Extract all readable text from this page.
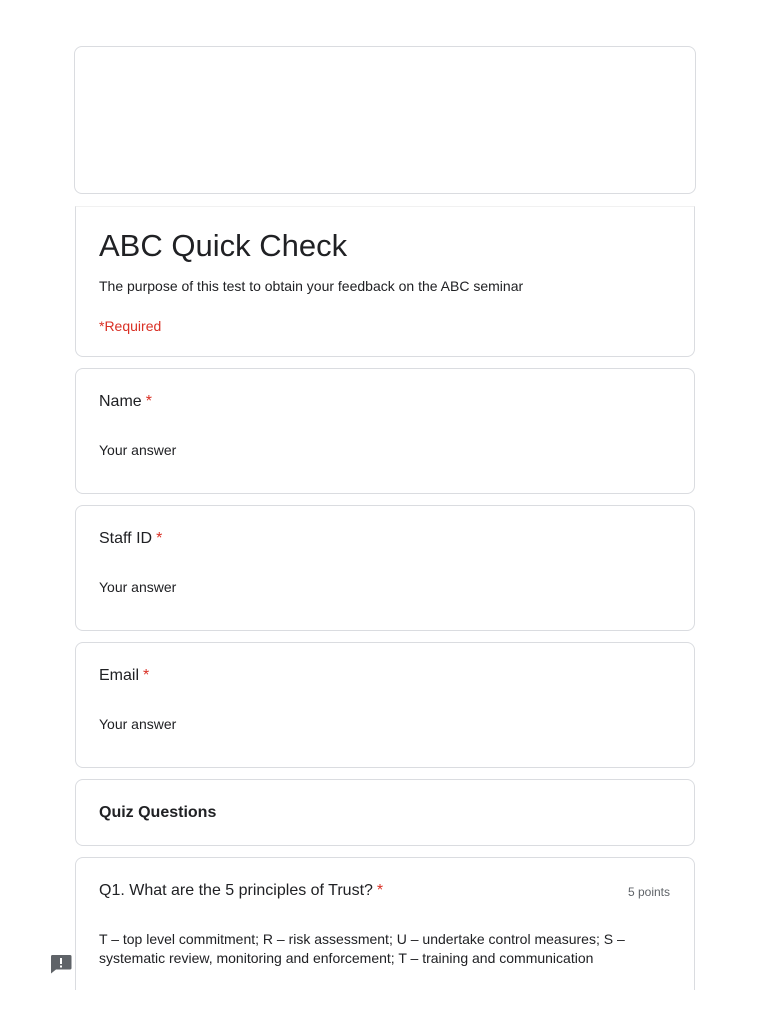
ABC Quick Check
The purpose of this test to obtain your feedback on the ABC seminar
*Required
Name *
Your answer
Staff ID *
Your answer
Email *
Your answer
Quiz Questions
Q1. What are the 5 principles of Trust? *	5 points
T – top level commitment; R – risk assessment; U – undertake control measures; S – systematic review, monitoring and enforcement; T – training and communication
